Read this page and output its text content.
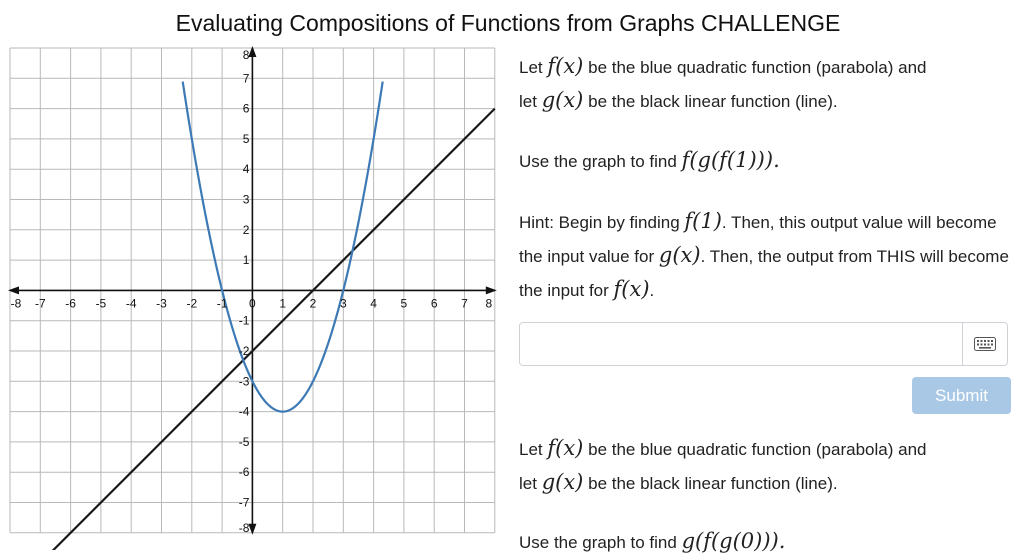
Evaluating Compositions of Functions from Graphs CHALLENGE
-8 -7 -6 -5 -4 -3 -2 -1 0 1 2 3 4 5 6 7 8
8
7
6
5
4
3
2
1
-1
-2
-3
-4
-5
-6
-7
-8

Let f(x) be the blue quadratic function (parabola) and
let g(x) be the black linear function (line).

Use the graph to find f(g(f(1))).

Hint: Begin by finding f(1). Then, this output value will become the input value for g(x). Then, the output from THIS will become the input for f(x).

Submit

Let f(x) be the blue quadratic function (parabola) and
let g(x) be the black linear function (line).

Use the graph to find g(f(g(0))).
